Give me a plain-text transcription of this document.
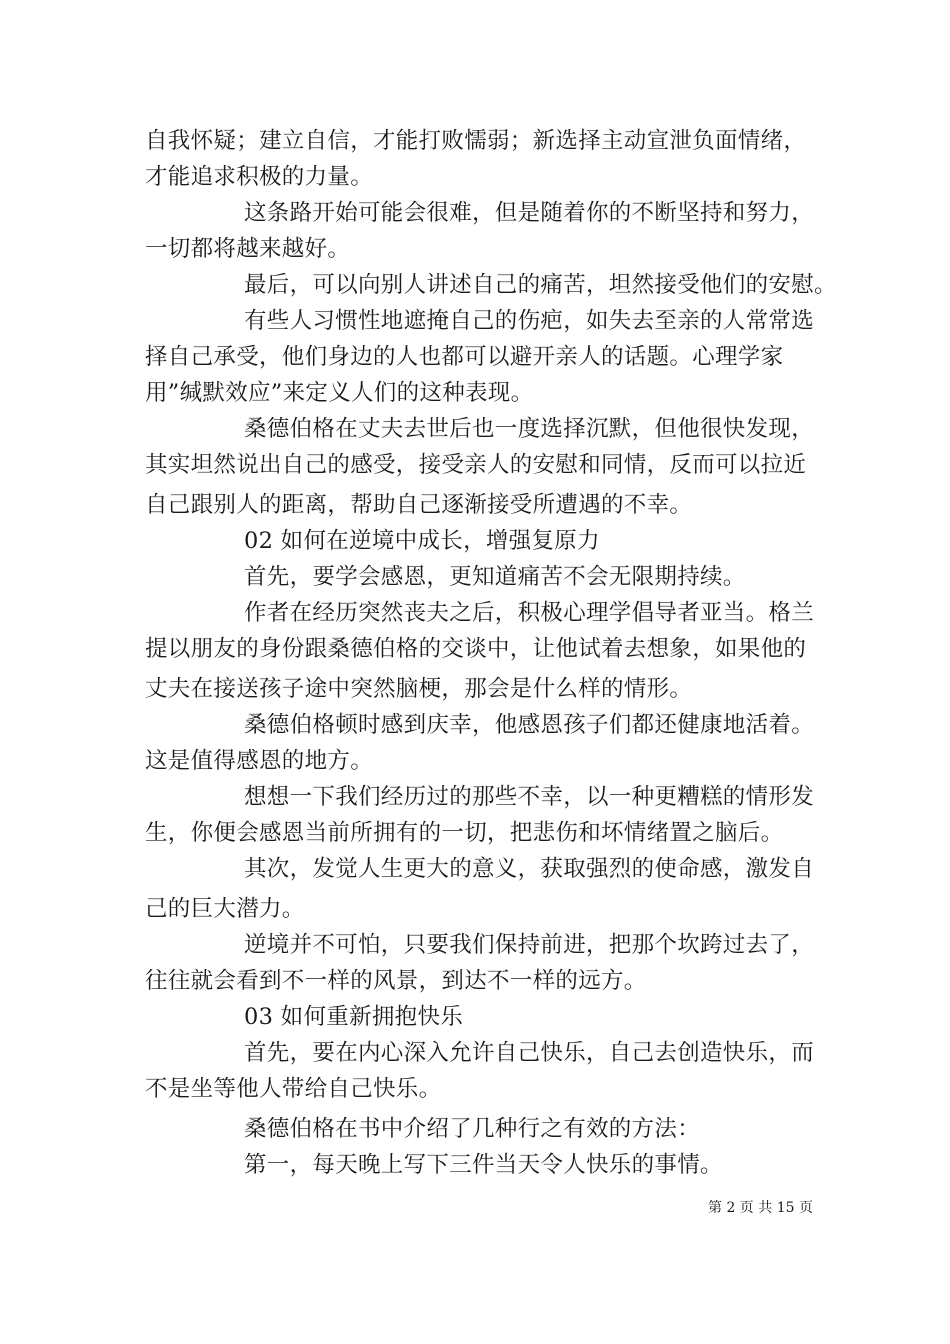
自我怀疑；建立自信，才能打败懦弱；新选择主动宣泄负面情绪，
才能追求积极的力量。
这条路开始可能会很难，但是随着你的不断坚持和努力，
一切都将越来越好。
最后，可以向别人讲述自己的痛苦，坦然接受他们的安慰。
有些人习惯性地遮掩自己的伤疤，如失去至亲的人常常选
择自己承受，他们身边的人也都可以避开亲人的话题。心理学家
用”缄默效应”来定义人们的这种表现。
桑德伯格在丈夫去世后也一度选择沉默，但他很快发现，
其实坦然说出自己的感受，接受亲人的安慰和同情，反而可以拉近
自己跟别人的距离，帮助自己逐渐接受所遭遇的不幸。
02 如何在逆境中成长，增强复原力
首先，要学会感恩，更知道痛苦不会无限期持续。
作者在经历突然丧夫之后，积极心理学倡导者亚当。格兰
提以朋友的身份跟桑德伯格的交谈中，让他试着去想象，如果他的
丈夫在接送孩子途中突然脑梗，那会是什么样的情形。
桑德伯格顿时感到庆幸，他感恩孩子们都还健康地活着。
这是值得感恩的地方。
想想一下我们经历过的那些不幸，以一种更糟糕的情形发
生，你便会感恩当前所拥有的一切，把悲伤和坏情绪置之脑后。
其次，发觉人生更大的意义，获取强烈的使命感，激发自
己的巨大潜力。
逆境并不可怕，只要我们保持前进，把那个坎跨过去了，
往往就会看到不一样的风景，到达不一样的远方。
03 如何重新拥抱快乐
首先，要在内心深入允许自己快乐，自己去创造快乐，而
不是坐等他人带给自己快乐。
桑德伯格在书中介绍了几种行之有效的方法：
第一，每天晚上写下三件当天令人快乐的事情。
第 2 页 共 15 页
